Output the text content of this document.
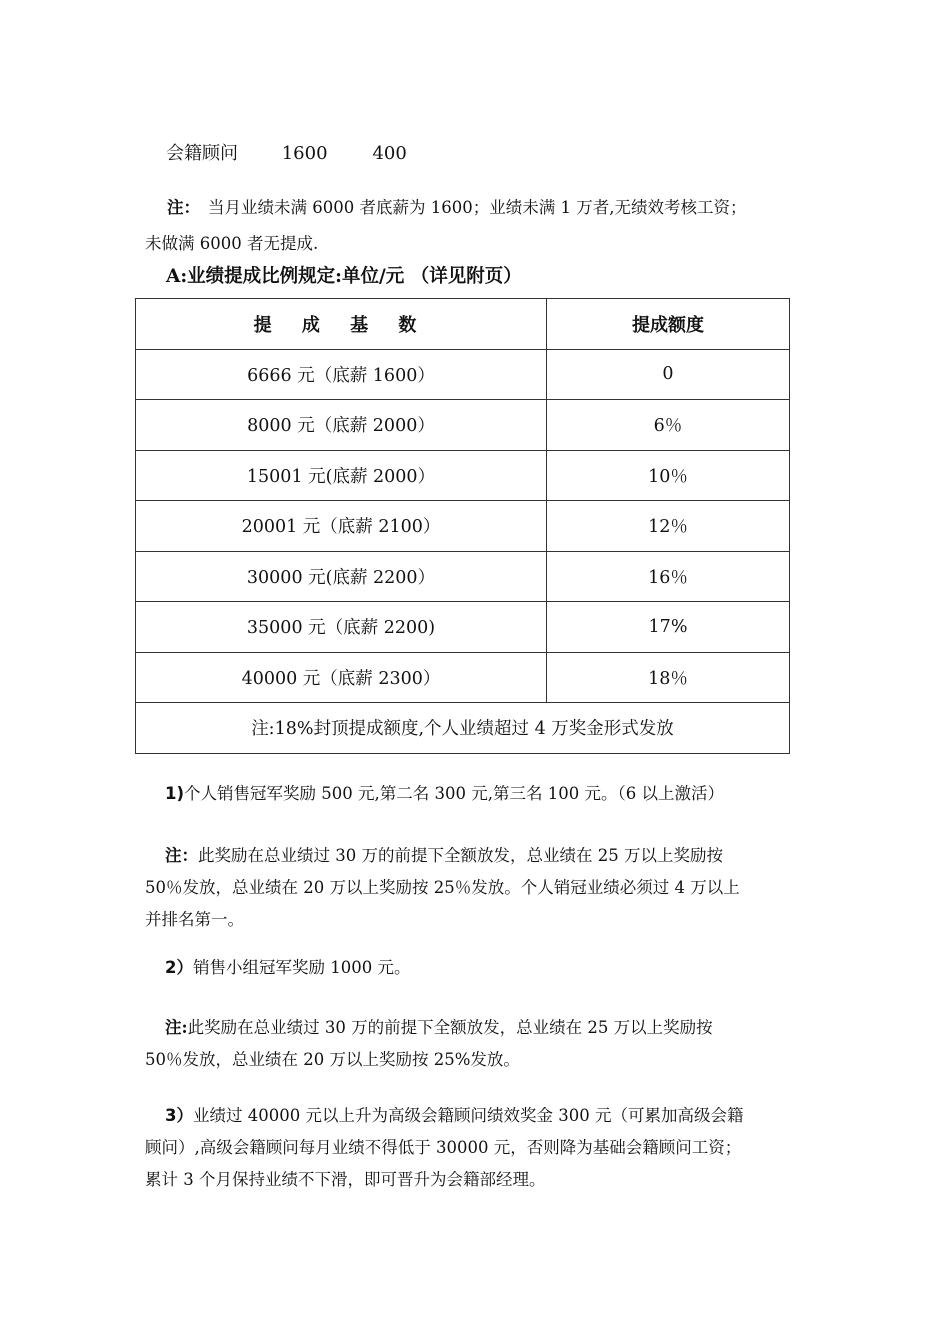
会籍顾问 1600 400
注： 当月业绩未满 6000 者底薪为 1600；业绩未满 1 万者,无绩效考核工资；
未做满 6000 者无提成.
A:业绩提成比例规定:单位/元 （详见附页）
提 成 基 数	提成额度
6666 元（底薪 1600）	0
8000 元（底薪 2000）	6％
15001 元(底薪 2000）	10％
20001 元（底薪 2100）	12％
30000 元(底薪 2200）	16％
35000 元（底薪 2200)	17%
40000 元（底薪 2300）	18％
注:18%封顶提成额度,个人业绩超过 4 万奖金形式发放	
1)个人销售冠军奖励 500 元,第二名 300 元,第三名 100 元。（6 以上激活）
注：此奖励在总业绩过 30 万的前提下全额放发，总业绩在 25 万以上奖励按
50％发放，总业绩在 20 万以上奖励按 25％发放。个人销冠业绩必须过 4 万以上
并排名第一。
2）销售小组冠军奖励 1000 元。
注:此奖励在总业绩过 30 万的前提下全额放发，总业绩在 25 万以上奖励按
50％发放，总业绩在 20 万以上奖励按 25%发放。
3）业绩过 40000 元以上升为高级会籍顾问绩效奖金 300 元（可累加高级会籍
顾问）,高级会籍顾问每月业绩不得低于 30000 元，否则降为基础会籍顾问工资；
累计 3 个月保持业绩不下滑，即可晋升为会籍部经理。
